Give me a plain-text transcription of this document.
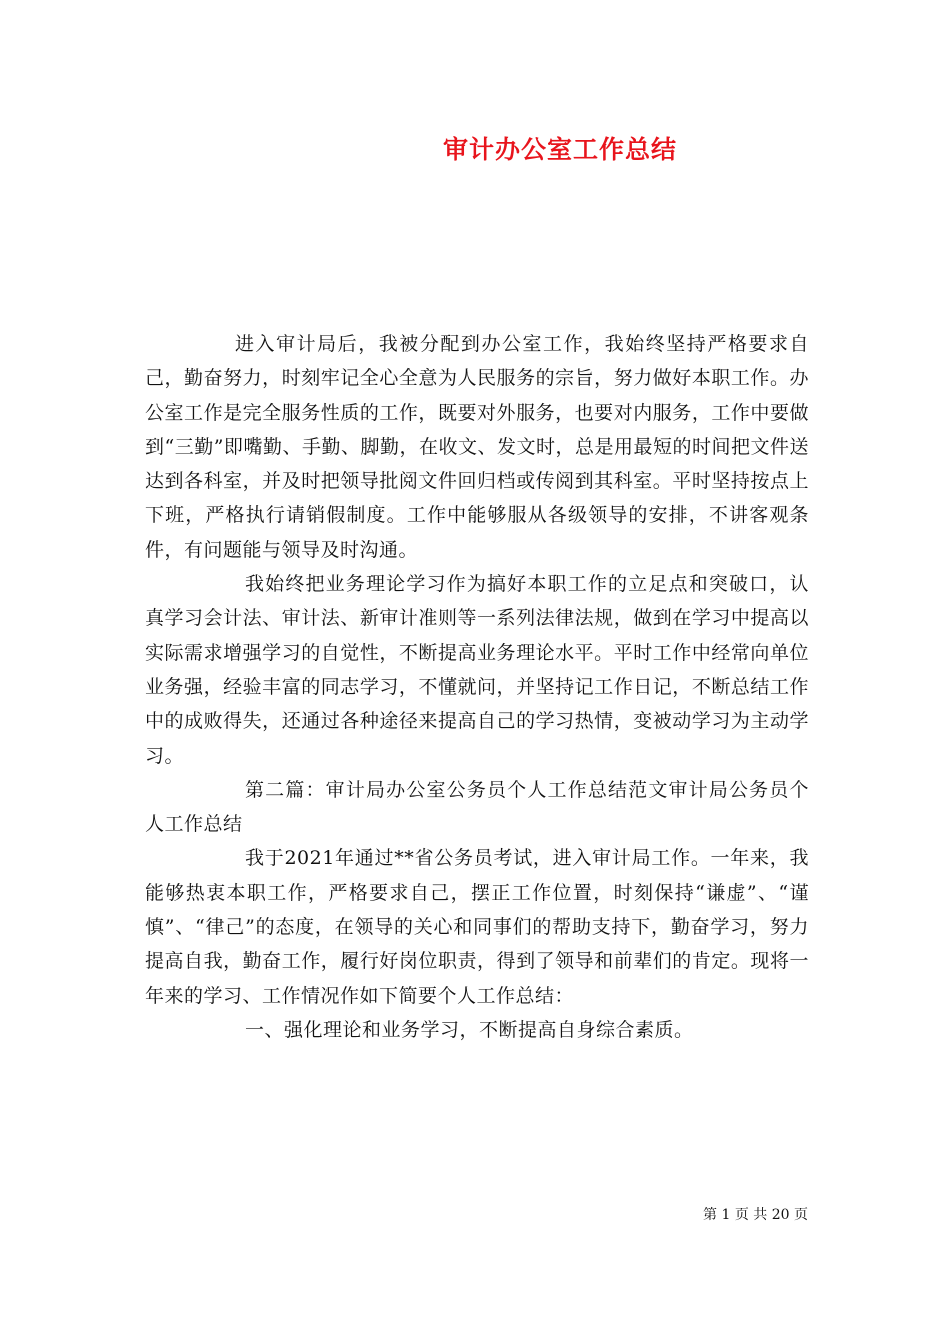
审计办公室工作总结

进入审计局后，我被分配到办公室工作，我始终坚持严格要求自己，勤奋努力，时刻牢记全心全意为人民服务的宗旨，努力做好本职工作。办公室工作是完全服务性质的工作，既要对外服务，也要对内服务，工作中要做到“三勤”即嘴勤、手勤、脚勤，在收文、发文时，总是用最短的时间把文件送达到各科室，并及时把领导批阅文件回归档或传阅到其科室。平时坚持按点上下班，严格执行请销假制度。工作中能够服从各级领导的安排，不讲客观条件，有问题能与领导及时沟通。

我始终把业务理论学习作为搞好本职工作的立足点和突破口，认真学习会计法、审计法、新审计准则等一系列法律法规，做到在学习中提高以实际需求增强学习的自觉性，不断提高业务理论水平。平时工作中经常向单位业务强，经验丰富的同志学习，不懂就问，并坚持记工作日记，不断总结工作中的成败得失，还通过各种途径来提高自己的学习热情，变被动学习为主动学习。

第二篇：审计局办公室公务员个人工作总结范文审计局公务员个人工作总结

我于2021年通过**省公务员考试，进入审计局工作。一年来，我能够热衷本职工作，严格要求自己，摆正工作位置，时刻保持“谦虚”、“谨慎”、“律己”的态度，在领导的关心和同事们的帮助支持下，勤奋学习，努力提高自我，勤奋工作，履行好岗位职责，得到了领导和前辈们的肯定。现将一年来的学习、工作情况作如下简要个人工作总结：

一、强化理论和业务学习，不断提高自身综合素质。

第 1 页 共 20 页
